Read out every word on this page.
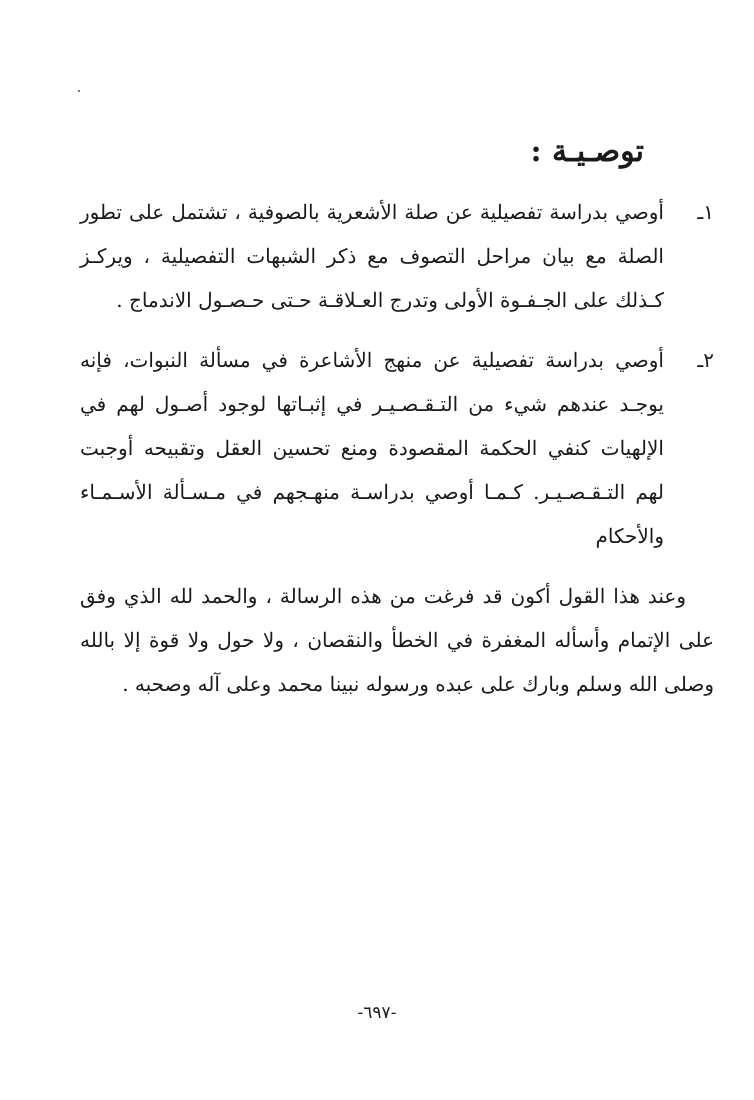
توصـيـة :
١ـ
أوصي بدراسة تفصيلية عن صلة الأشعرية بالصوفية ، تشتمل على تطور الصلة مع بيان مراحل التصوف مع ذكر الشبهات التفصيلية ، ويركـز كـذلك على الجـفـوة الأولى وتدرج العـلاقـة حـتى حـصـول الاندماج .
٢ـ
أوصي بدراسة تفصيلية عن منهج الأشاعرة في مسألة النبوات، فإنه يوجـد عندهم شيء من التـقـصـيـر في إثبـاتها لوجود أصـول لهم في الإلهيات كنفي الحكمة المقصودة ومنع تحسين العقل وتقبيحه أوجبت لهم التـقـصـيـر. كـمـا أوصي بدراسـة منهـجهم في مـسـألة الأسـمـاء والأحكام
وعند هذا القول أكون قد فرغت من هذه الرسالة ، والحمد لله الذي وفق على الإتمام وأسأله المغفرة في الخطأ والنقصان ، ولا حول ولا قوة إلا بالله وصلى الله وسلم وبارك على عبده ورسوله نبينا محمد وعلى آله وصحبه .
-٦٩٧-
